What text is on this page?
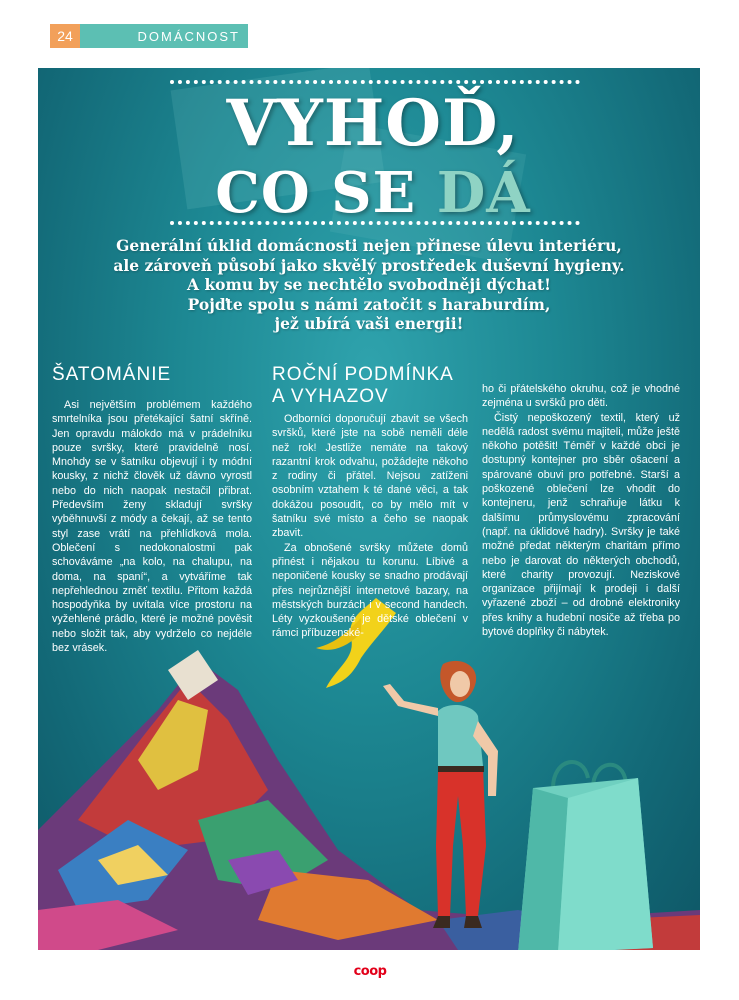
24	DOMÁCNOST
VYHOĎ,
CO SE DÁ
Generální úklid domácnosti nejen přinese úlevu interiéru,
ale zároveň působí jako skvělý prostředek duševní hygieny.
A komu by se nechtělo svobodněji dýchat!
Pojďte spolu s námi zatočit s haraburdím,
jež ubírá vaši energii!
ŠATOMÁNIE

Asi největším problémem každého smrtelníka jsou přetékající šatní skříně. Jen opravdu málokdo má v prádelníku pouze svršky, které pravidelně nosí. Mnohdy se v šatníku objevují i ty módní kousky, z nichž člověk už dávno vyrostl nebo do nich naopak nestačil přibrat. Především ženy skladují svršky vyběhnuvší z módy a čekají, až se tento styl zase vrátí na přehlídková mola. Oblečení s nedokonalostmi pak schováváme „na kolo, na chalupu, na doma, na spaní“, a vytváříme tak nepřehlednou změť textilu. Přitom každá hospodyňka by uvítala více prostoru na vyžehlené prádlo, které je možné pověsit nebo složit tak, aby vydrželo co nejdéle bez vrásek.

ROČNÍ PODMÍNKA
A VYHAZOV

Odborníci doporučují zbavit se všech svršků, které jste na sobě neměli déle než rok! Jestliže nemáte na takový razantní krok odvahu, požádejte někoho z rodiny či přátel. Nejsou zatíženi osobním vztahem k té dané věci, a tak dokážou posoudit, co by mělo mít v šatníku své místo a čeho se naopak zbavit.

Za obnošené svršky můžete domů přinést i nějakou tu korunu. Líbivé a neponičené kousky se snadno prodávají přes nejrůznější internetové bazary, na městských burzách i v second handech. Léty vyzkoušené je dětské oblečení v rámci příbuzenské-

ho či přátelského okruhu, což je vhodné zejména u svršků pro děti.

Čistý nepoškozený textil, který už nedělá radost svému majiteli, může ještě někoho potěšit! Téměř v každé obci je dostupný kontejner pro sběr ošacení a spárované obuvi pro potřebné. Starší a poškozené oblečení lze vhodit do kontejneru, jenž schraňuje látku k dalšímu průmyslovému zpracování (např. na úklidové hadry). Svršky je také možné předat některým charitám přímo nebo je darovat do některých obchodů, které charity provozují. Neziskové organizace přijímají k prodeji i další vyřazené zboží – od drobné elektroniky přes knihy a hudební nosiče až třeba po bytové doplňky či nábytek.

coop
